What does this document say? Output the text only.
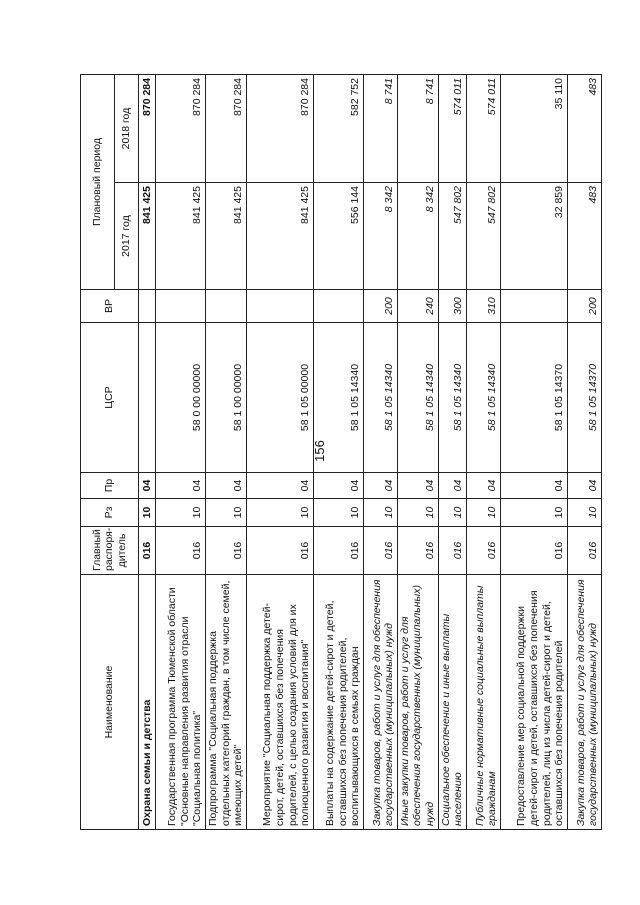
156
Наименование	Главный распоря-дитель	Рз	Пр	ЦСР	ВР	Плановый период	
						2017 год	2018 год
Охрана семьи и детства	016	10	04			841 425	870 284
Государственная программа Тюменской области "Основные направления развития отрасли "Социальная политика"	016	10	04	58 0 00 00000		841 425	870 284
Подпрограмма "Социальная поддержка отдельных категорий граждан, в том числе семей, имеющих детей"	016	10	04	58 1 00 00000		841 425	870 284
Мероприятие "Социальная поддержка детей-сирот, детей, оставшихся без попечения родителей, с целью создания условий для их полноценного развития и воспитания"	016	10	04	58 1 05 00000		841 425	870 284
Выплаты на содержание детей-сирот и детей, оставшихся без попечения родителей, воспитывающихся в семьях граждан	016	10	04	58 1 05 14340		556 144	582 752
Закупка товаров, работ и услуг для обеспечения государственных (муниципальных) нужд	016	10	04	58 1 05 14340	200	8 342	8 741
Иные закупки товаров, работ и услуг для обеспечения государственных (муниципальных) нужд	016	10	04	58 1 05 14340	240	8 342	8 741
Социальное обеспечение и иные выплаты населению	016	10	04	58 1 05 14340	300	547 802	574 011
Публичные нормативные социальные выплаты гражданам	016	10	04	58 1 05 14340	310	547 802	574 011
Предоставление мер социальной поддержки детей-сирот и детей, оставшихся без попечения родителей, лиц из числа детей-сирот и детей, оставшихся без попечения родителей	016	10	04	58 1 05 14370		32 859	35 110
Закупка товаров, работ и услуг для обеспечения государственных (муниципальных) нужд	016	10	04	58 1 05 14370	200	483	483
